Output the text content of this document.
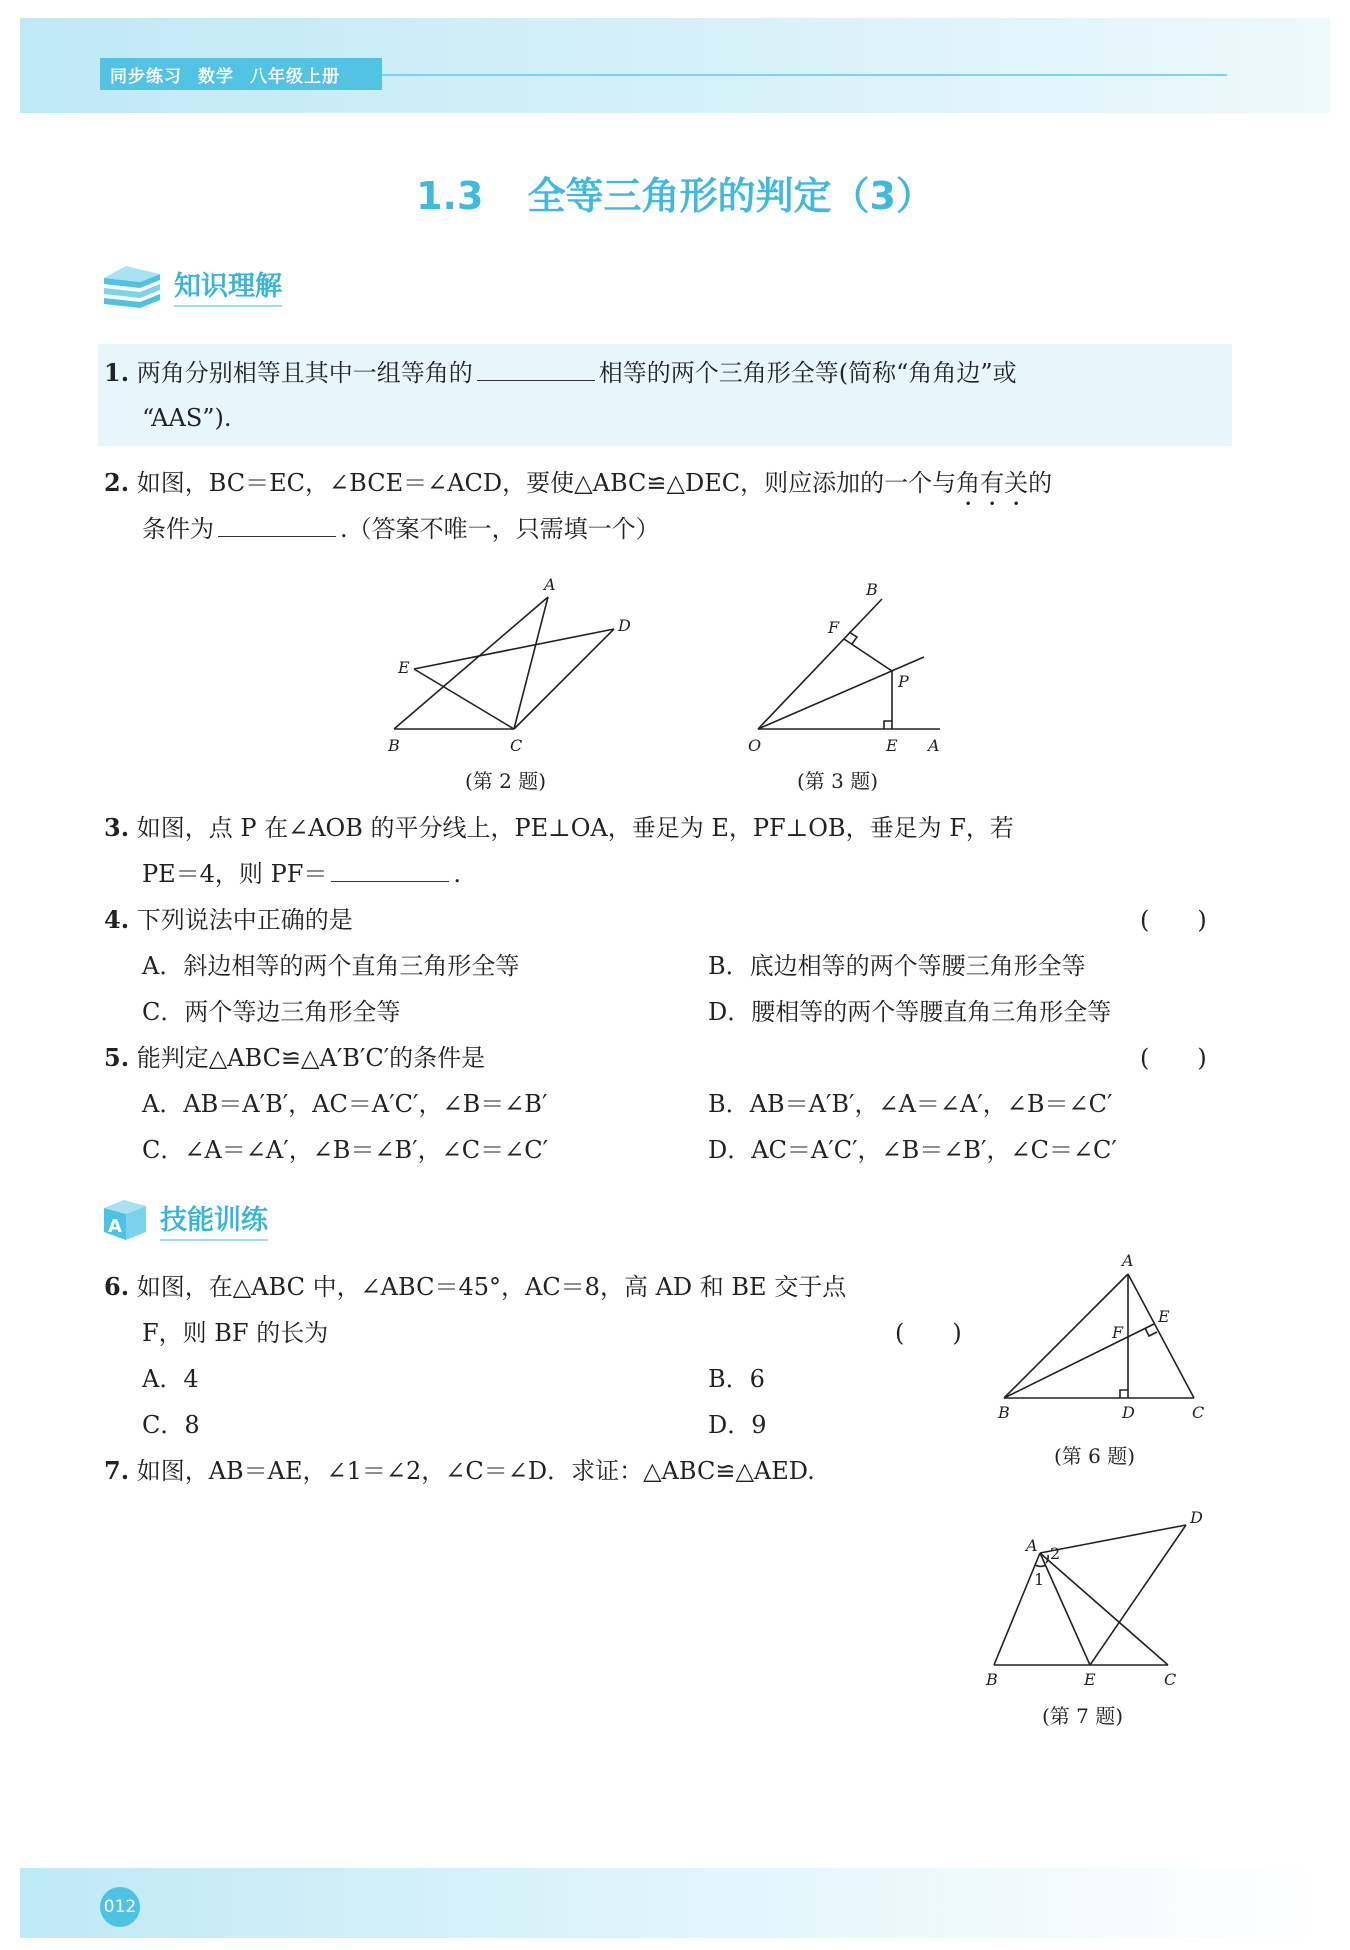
同步练习 数学 八年级上册
1.3 全等三角形的判定（3）
知识理解
1. 两角分别相等且其中一组等角的	相等的两个三角形全等(简称“角角边”或
“AAS”).
2. 如图，BC＝EC，∠BCE＝∠ACD，要使△ABC≌△DEC，则应添加的一个与角有关的
条件为	.（答案不唯一，只需填一个）
A
B	C
D
E
(第 2 题)
B
F
P
O	E A
(第 3 题)
3. 如图，点 P 在∠AOB 的平分线上，PE⊥OA，垂足为 E，PF⊥OB，垂足为 F，若
PE＝4，则 PF＝	.
4. 下列说法中正确的是	(　　)
A．斜边相等的两个直角三角形全等	B．底边相等的两个等腰三角形全等
C．两个等边三角形全等	D．腰相等的两个等腰直角三角形全等
5. 能判定△ABC≌△A′B′C′的条件是	(　　)
A．AB＝A′B′，AC＝A′C′，∠B＝∠B′	B．AB＝A′B′，∠A＝∠A′，∠B＝∠C′
C．∠A＝∠A′，∠B＝∠B′，∠C＝∠C′	D．AC＝A′C′，∠B＝∠B′，∠C＝∠C′
A 技能训练
6. 如图，在△ABC 中，∠ABC＝45°，AC＝8，高 AD 和 BE 交于点
F，则 BF 的长为	(　　)
A．4	B．6
C．8	D．9
A
E
F
B	D	C
(第 6 题)
7. 如图，AB＝AE，∠1＝∠2，∠C＝∠D．求证：△ABC≌△AED.
D
A 2
1
B	E	C
(第 7 题)
012
